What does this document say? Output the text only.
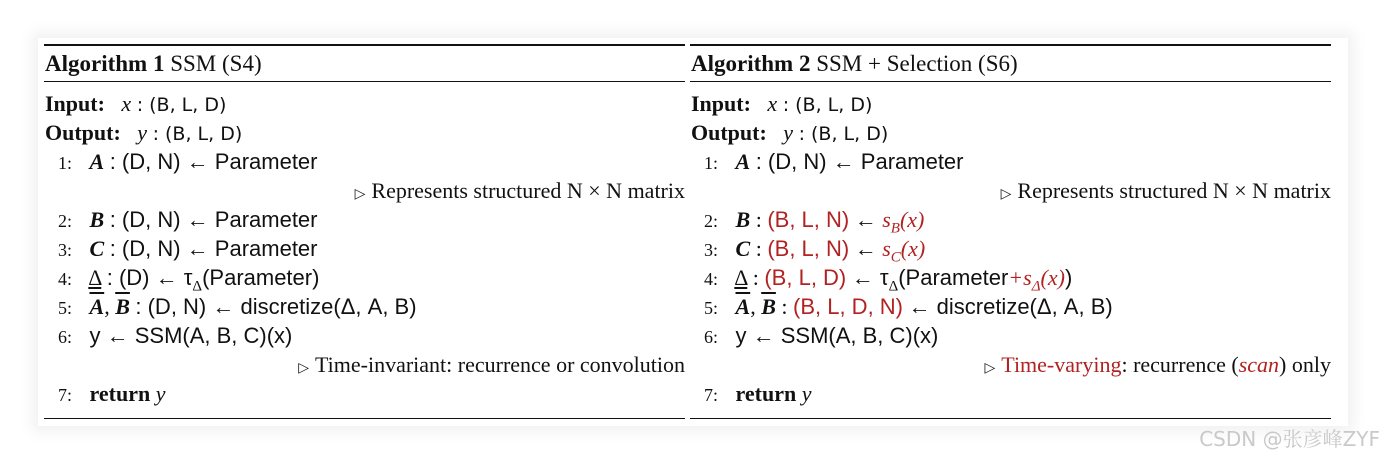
Algorithm 1 SSM (S4)
Input: x : (B, L, D)
Output: y : (B, L, D)
1: A : (D, N) ← Parameter
▷ Represents structured N × N matrix
2: B : (D, N) ← Parameter
3: C : (D, N) ← Parameter
4: Δ : (D) ← $\tau_\Delta(Parameter)$
5: $\overline{A}$, $\overline{B}$ : (D, N) ← discretize(Δ, A, B)
6: y ← SSM(A, B, C)(x)
▷ Time-invariant: recurrence or convolution
7: return y
Algorithm 2 SSM + Selection (S6)
Input: x : (B, L, D)
Output: y : (B, L, D)
1: A : (D, N) ← Parameter
▷ Represents structured N × N matrix
2: B : (B, L, N) ← $s_B(x)$
3: C : (B, L, N) ← $s_C(x)$
4: Δ : (B, L, D) ← $\tau_\Delta(Parameter+s_\Delta(x))$
5: $\overline{A}$, $\overline{B}$ : (B, L, D, N) ← discretize(Δ, A, B)
6: y ← SSM(A, B, C)(x)
▷ Time-varying: recurrence (scan) only
7: return y
CSDN @张彦峰ZYF
